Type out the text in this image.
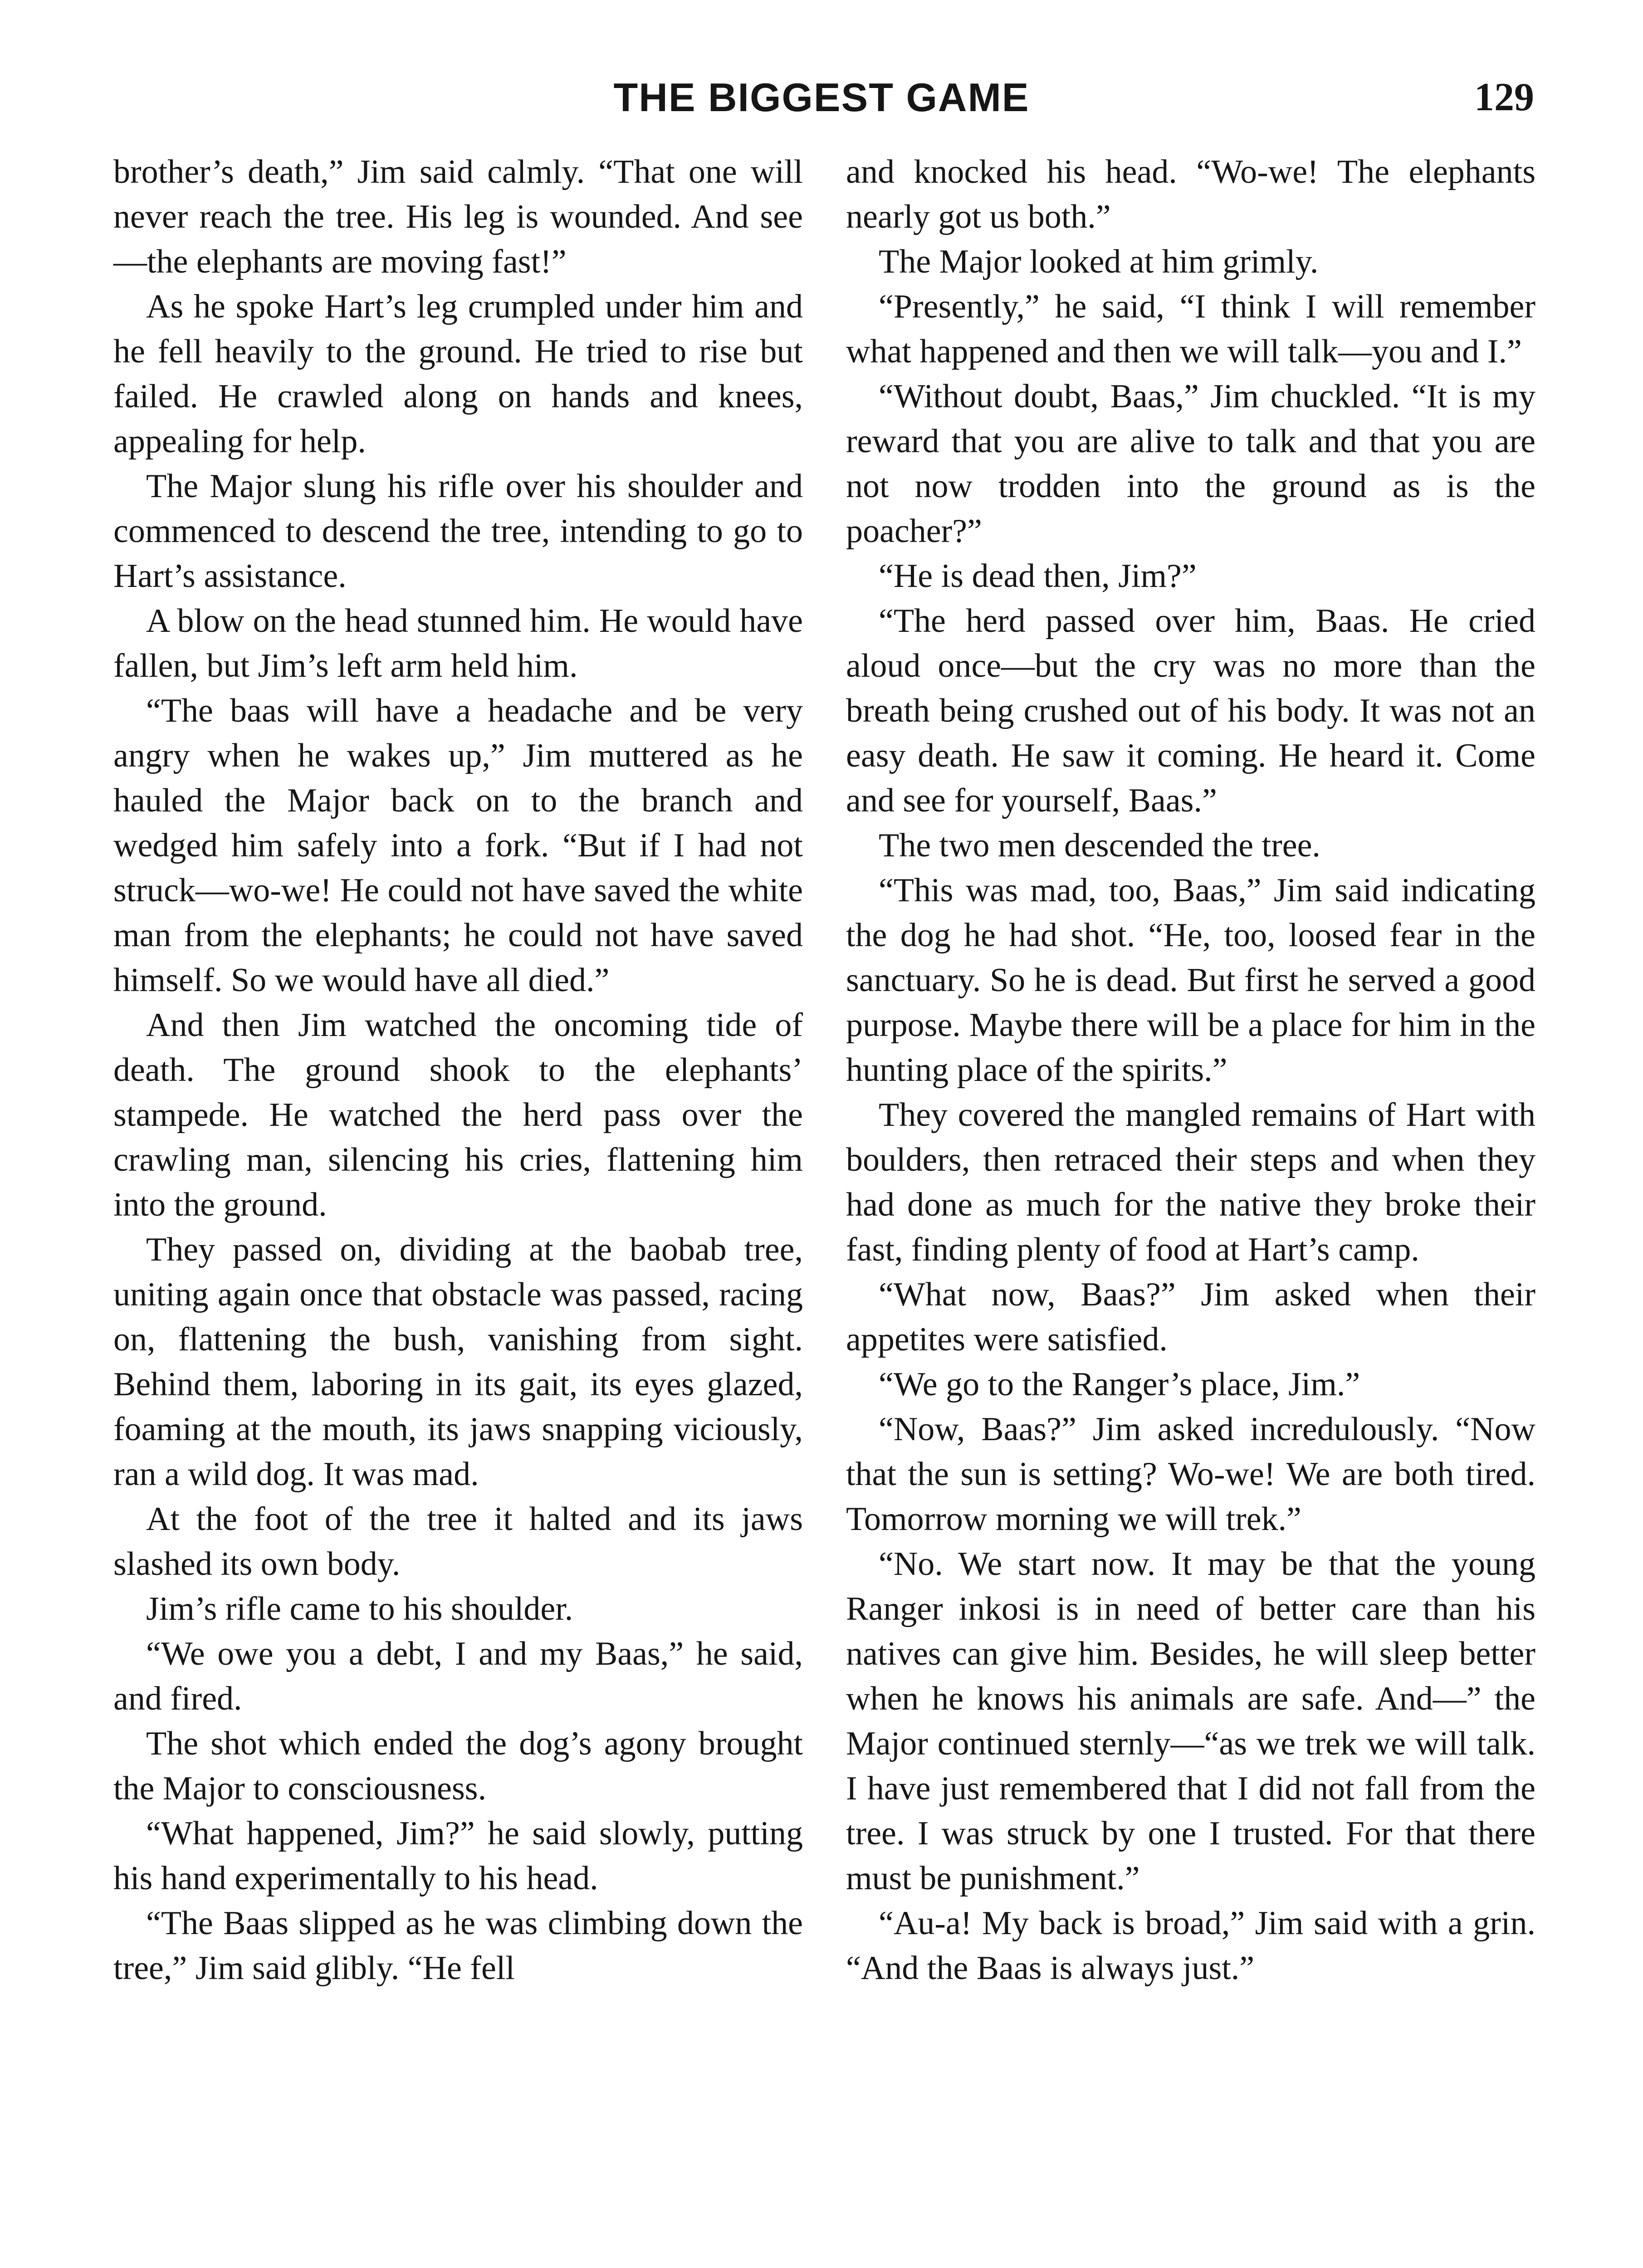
THE BIGGEST GAME	129

brother’s death,” Jim said calmly. “That one will never reach the tree. His leg is wounded. And see—the elephants are moving fast!”

As he spoke Hart’s leg crumpled under him and he fell heavily to the ground. He tried to rise but failed. He crawled along on hands and knees, appealing for help.

The Major slung his rifle over his shoulder and commenced to descend the tree, intending to go to Hart’s assistance.

A blow on the head stunned him. He would have fallen, but Jim’s left arm held him.

“The baas will have a headache and be very angry when he wakes up,” Jim muttered as he hauled the Major back on to the branch and wedged him safely into a fork. “But if I had not struck—wo-we! He could not have saved the white man from the elephants; he could not have saved himself. So we would have all died.”

And then Jim watched the oncoming tide of death. The ground shook to the elephants’ stampede. He watched the herd pass over the crawling man, silencing his cries, flattening him into the ground.

They passed on, dividing at the baobab tree, uniting again once that obstacle was passed, racing on, flattening the bush, vanishing from sight. Behind them, laboring in its gait, its eyes glazed, foaming at the mouth, its jaws snapping viciously, ran a wild dog. It was mad.

At the foot of the tree it halted and its jaws slashed its own body.

Jim’s rifle came to his shoulder.

“We owe you a debt, I and my Baas,” he said, and fired.

The shot which ended the dog’s agony brought the Major to consciousness.

“What happened, Jim?” he said slowly, putting his hand experimentally to his head.

“The Baas slipped as he was climbing down the tree,” Jim said glibly. “He fell

and knocked his head. “Wo-we! The elephants nearly got us both.”

The Major looked at him grimly.

“Presently,” he said, “I think I will remember what happened and then we will talk—you and I.”

“Without doubt, Baas,” Jim chuckled. “It is my reward that you are alive to talk and that you are not now trodden into the ground as is the poacher?”

“He is dead then, Jim?”

“The herd passed over him, Baas. He cried aloud once—but the cry was no more than the breath being crushed out of his body. It was not an easy death. He saw it coming. He heard it. Come and see for yourself, Baas.”

The two men descended the tree.

“This was mad, too, Baas,” Jim said indicating the dog he had shot. “He, too, loosed fear in the sanctuary. So he is dead. But first he served a good purpose. Maybe there will be a place for him in the hunting place of the spirits.”

They covered the mangled remains of Hart with boulders, then retraced their steps and when they had done as much for the native they broke their fast, finding plenty of food at Hart’s camp.

“What now, Baas?” Jim asked when their appetites were satisfied.

“We go to the Ranger’s place, Jim.”

“Now, Baas?” Jim asked incredulously. “Now that the sun is setting? Wo-we! We are both tired. Tomorrow morning we will trek.”

“No. We start now. It may be that the young Ranger inkosi is in need of better care than his natives can give him. Besides, he will sleep better when he knows his animals are safe. And—” the Major continued sternly—“as we trek we will talk. I have just remembered that I did not fall from the tree. I was struck by one I trusted. For that there must be punishment.”

“Au-a! My back is broad,” Jim said with a grin. “And the Baas is always just.”
